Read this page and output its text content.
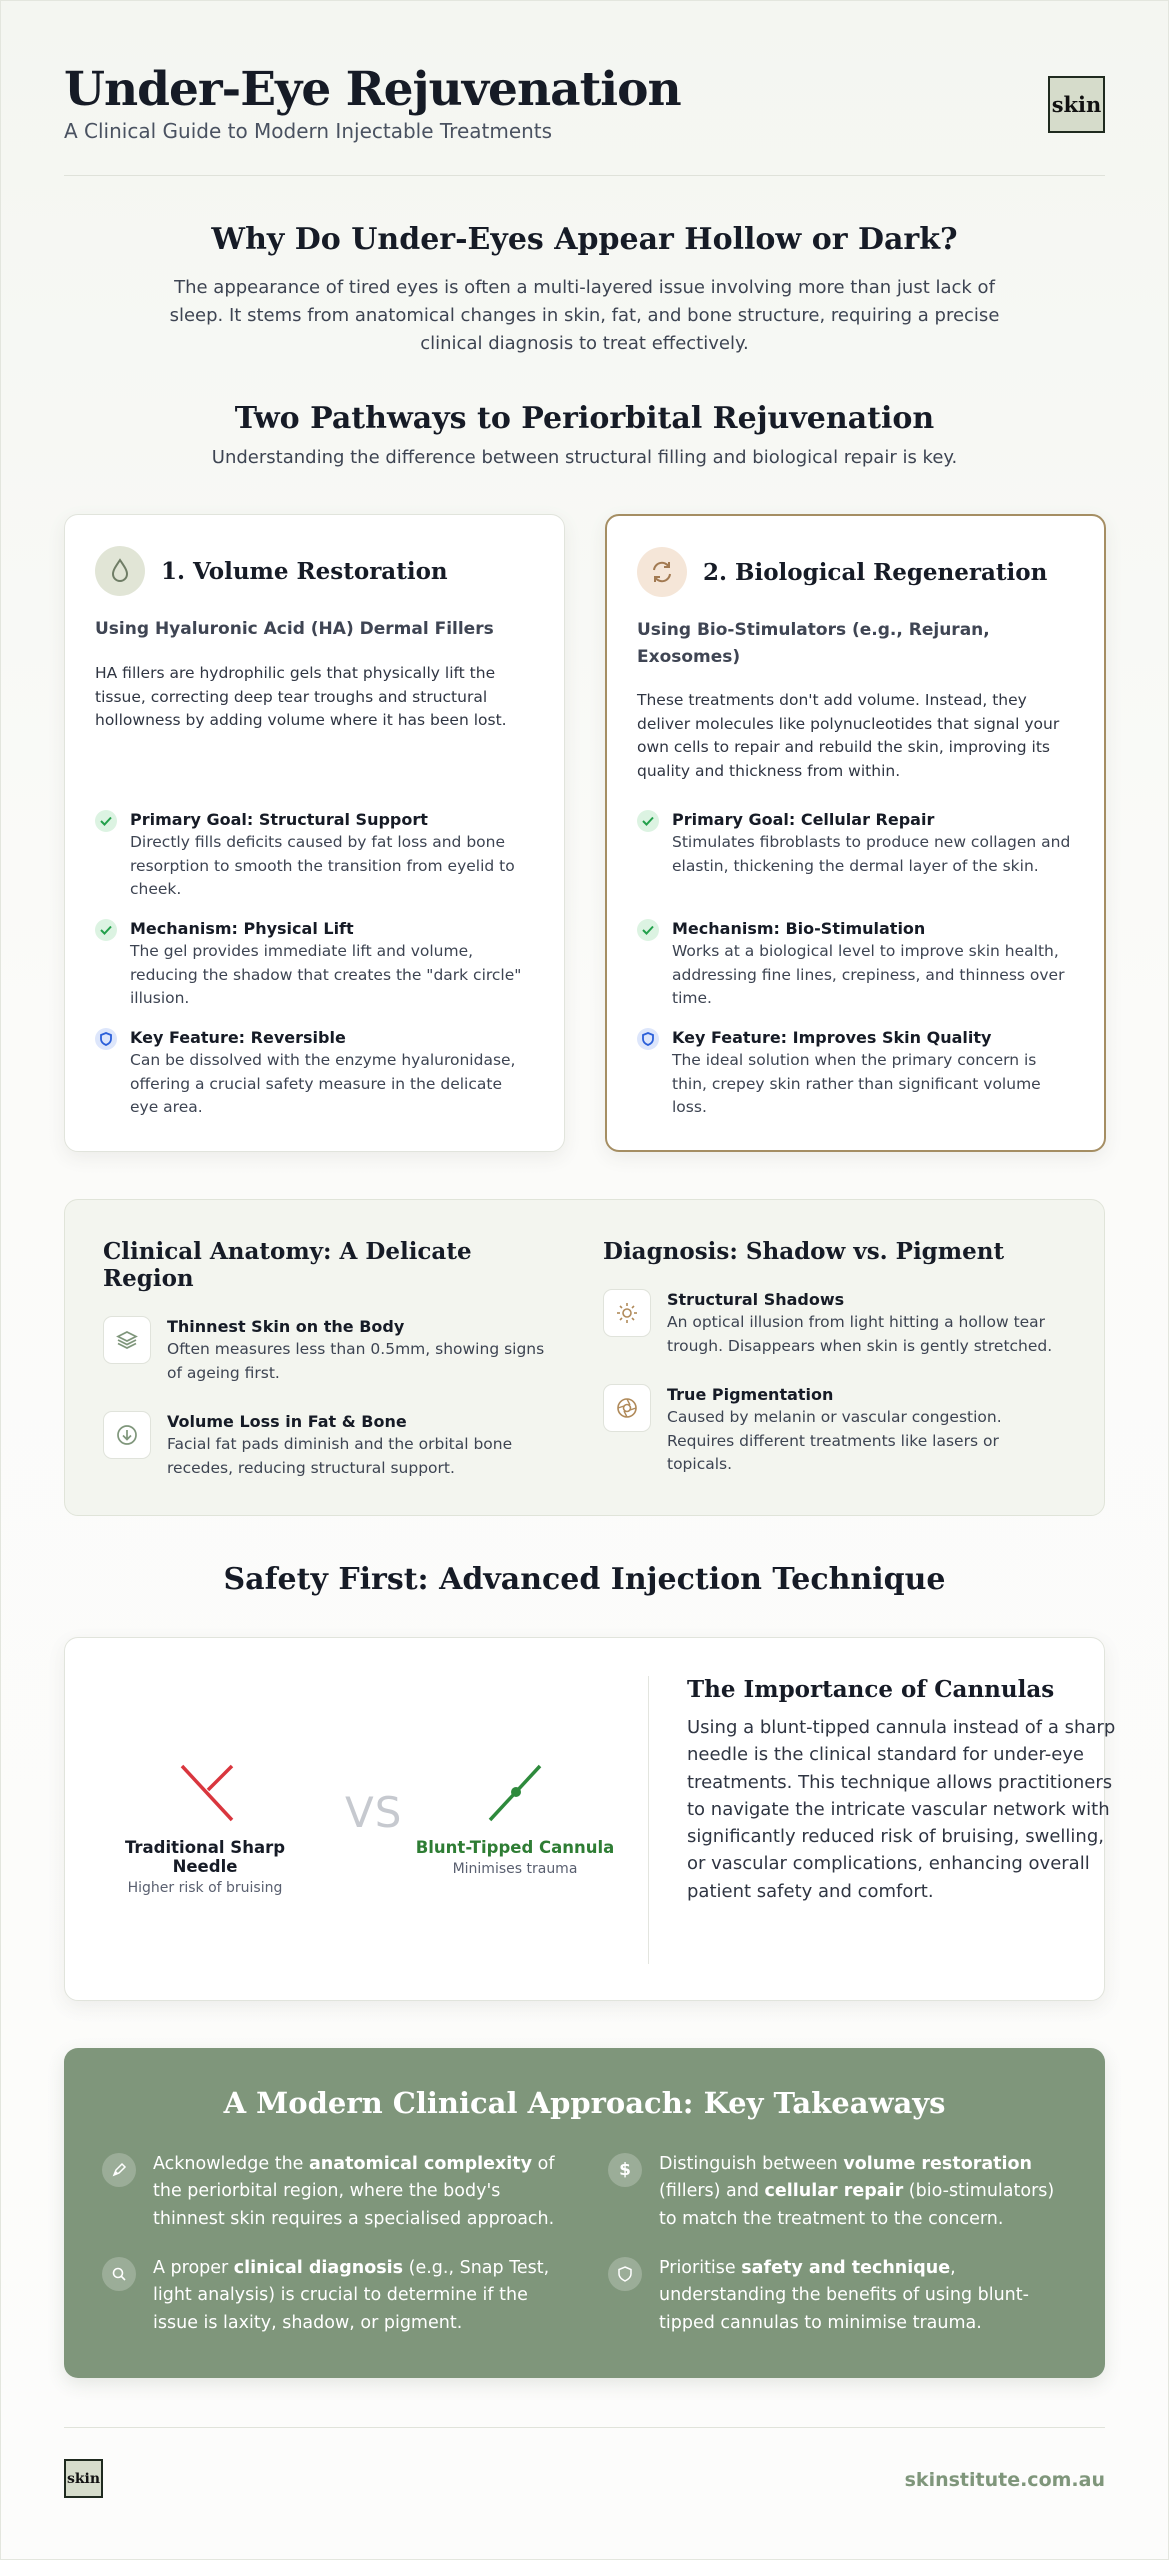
Under-Eye Rejuvenation
A Clinical Guide to Modern Injectable Treatments
skin
Why Do Under-Eyes Appear Hollow or Dark?

The appearance of tired eyes is often a multi-layered issue involving more than just lack of sleep. It stems from anatomical changes in skin, fat, and bone structure, requiring a precise clinical diagnosis to treat effectively.

Two Pathways to Periorbital Rejuvenation

Understanding the difference between structural filling and biological repair is key.

1. Volume Restoration
Using Hyaluronic Acid (HA) Dermal Fillers
HA fillers are hydrophilic gels that physically lift the tissue, correcting deep tear troughs and structural hollowness by adding volume where it has been lost.
Primary Goal: Structural Support
Directly fills deficits caused by fat loss and bone resorption to smooth the transition from eyelid to cheek.
Mechanism: Physical Lift
The gel provides immediate lift and volume, reducing the shadow that creates the "dark circle" illusion.
Key Feature: Reversible
Can be dissolved with the enzyme hyaluronidase, offering a crucial safety measure in the delicate eye area.
2. Biological Regeneration
Using Bio-Stimulators (e.g., Rejuran, Exosomes)
These treatments don't add volume. Instead, they deliver molecules like polynucleotides that signal your own cells to repair and rebuild the skin, improving its quality and thickness from within.
Primary Goal: Cellular Repair
Stimulates fibroblasts to produce new collagen and elastin, thickening the dermal layer of the skin.
Mechanism: Bio-Stimulation
Works at a biological level to improve skin health, addressing fine lines, crepiness, and thinness over time.
Key Feature: Improves Skin Quality
The ideal solution when the primary concern is thin, crepey skin rather than significant volume loss.
Clinical Anatomy: A Delicate Region
Thinnest Skin on the Body
Often measures less than 0.5mm, showing signs of ageing first.
Volume Loss in Fat & Bone
Facial fat pads diminish and the orbital bone recedes, reducing structural support.
Diagnosis: Shadow vs. Pigment
Structural Shadows
An optical illusion from light hitting a hollow tear trough. Disappears when skin is gently stretched.
True Pigmentation
Caused by melanin or vascular congestion. Requires different treatments like lasers or topicals.
Safety First: Advanced Injection Technique
Traditional Sharp Needle
Higher risk of bruising
VS
Blunt-Tipped Cannula
Minimises trauma
The Importance of Cannulas

Using a blunt-tipped cannula instead of a sharp needle is the clinical standard for under-eye treatments. This technique allows practitioners to navigate the intricate vascular network with significantly reduced risk of bruising, swelling, or vascular complications, enhancing overall patient safety and comfort.

A Modern Clinical Approach: Key Takeaways
Acknowledge the anatomical complexity of the periorbital region, where the body's thinnest skin requires a specialised approach.
$ Distinguish between volume restoration (fillers) and cellular repair (bio-stimulators) to match the treatment to the concern.
A proper clinical diagnosis (e.g., Snap Test, light analysis) is crucial to determine if the issue is laxity, shadow, or pigment.
Prioritise safety and technique, understanding the benefits of using blunt-tipped cannulas to minimise trauma.
skin	skinstitute.com.au
